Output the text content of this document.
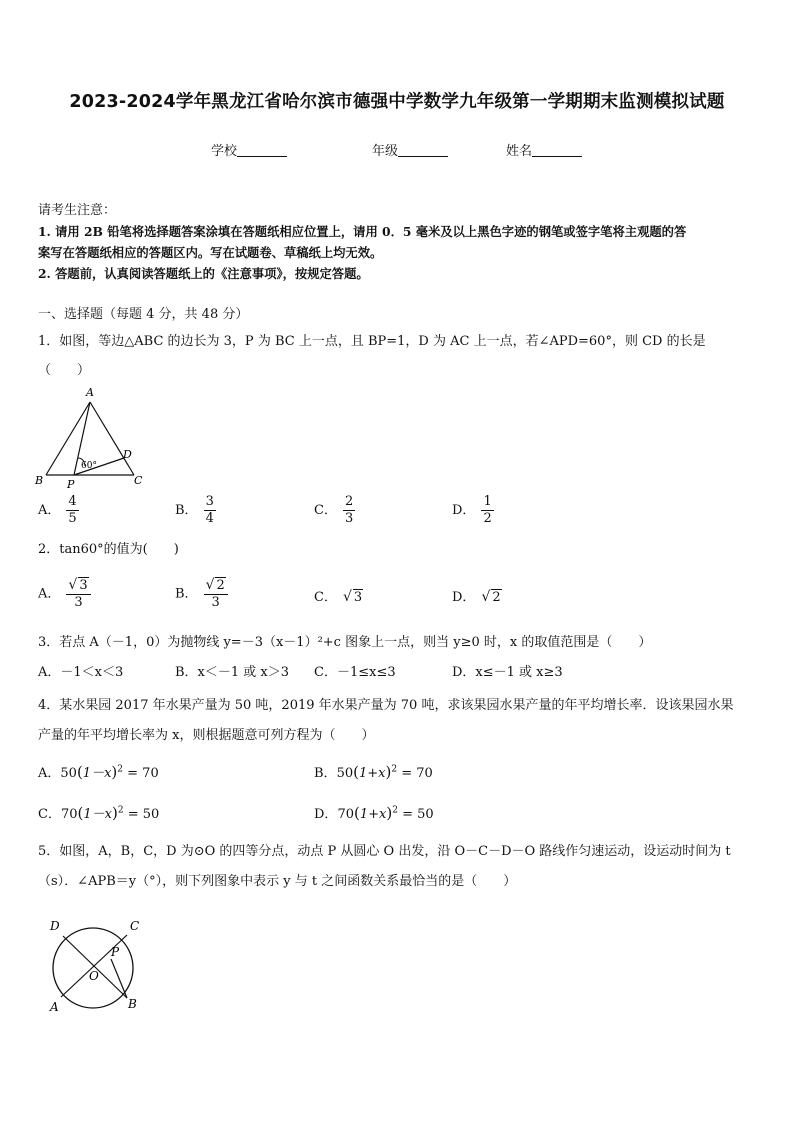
2023-2024学年黑龙江省哈尔滨市德强中学数学九年级第一学期期末监测模拟试题
学校	年级	姓名
请考生注意：
1. 请用 2B 铅笔将选择题答案涂填在答题纸相应位置上，请用 0．5 毫米及以上黑色字迹的钢笔或签字笔将主观题的答
案写在答题纸相应的答题区内。写在试题卷、草稿纸上均无效。
2. 答题前，认真阅读答题纸上的《注意事项》，按规定答题。
一、选择题（每题 4 分，共 48 分）
1．如图，等边△ABC 的边长为 3，P 为 BC 上一点，且 BP=1，D 为 AC 上一点，若∠APD=60°，则 CD 的长是
（　　）
A
B	C
D
P
60°
A． $\frac{4}{5}$	B． $\frac{3}{4}$	C． $\frac{2}{3}$	D． $\frac{1}{2}$
2．tan60°的值为(　　)
A． $\frac{√ 3}{3}$	B． $\frac{√ 2}{3}$	C． √ 3	D． √ 2
3．若点 A（－1，0）为抛物线 y=－3（x－1）²+c 图象上一点，则当 y≥0 时，x 的取值范围是（　　）
A．－1＜x＜3	B．x＜－1 或 x＞3 C．－1≤x≤3	D．x≤－1 或 x≥3
4．某水果园 2017 年水果产量为 50 吨，2019 年水果产量为 70 吨，求该果园水果产量的年平均增长率．设该果园水果
产量的年平均增长率为 x，则根据题意可列方程为（　　）
A．$50(1-x)^2 = 70$	B．$50(1+x)^2 = 70$
C．$70(1-x)^2 = 50$	D．$70(1+x)^2 = 50$
5．如图，A，B，C，D 为⊙O 的四等分点，动点 P 从圆心 O 出发，沿 O－C－D－O 路线作匀速运动，设运动时间为 t
（s）．∠APB＝y（°），则下列图象中表示 y 与 t 之间函数关系最恰当的是（　　）
D	C
P
O
A	B
